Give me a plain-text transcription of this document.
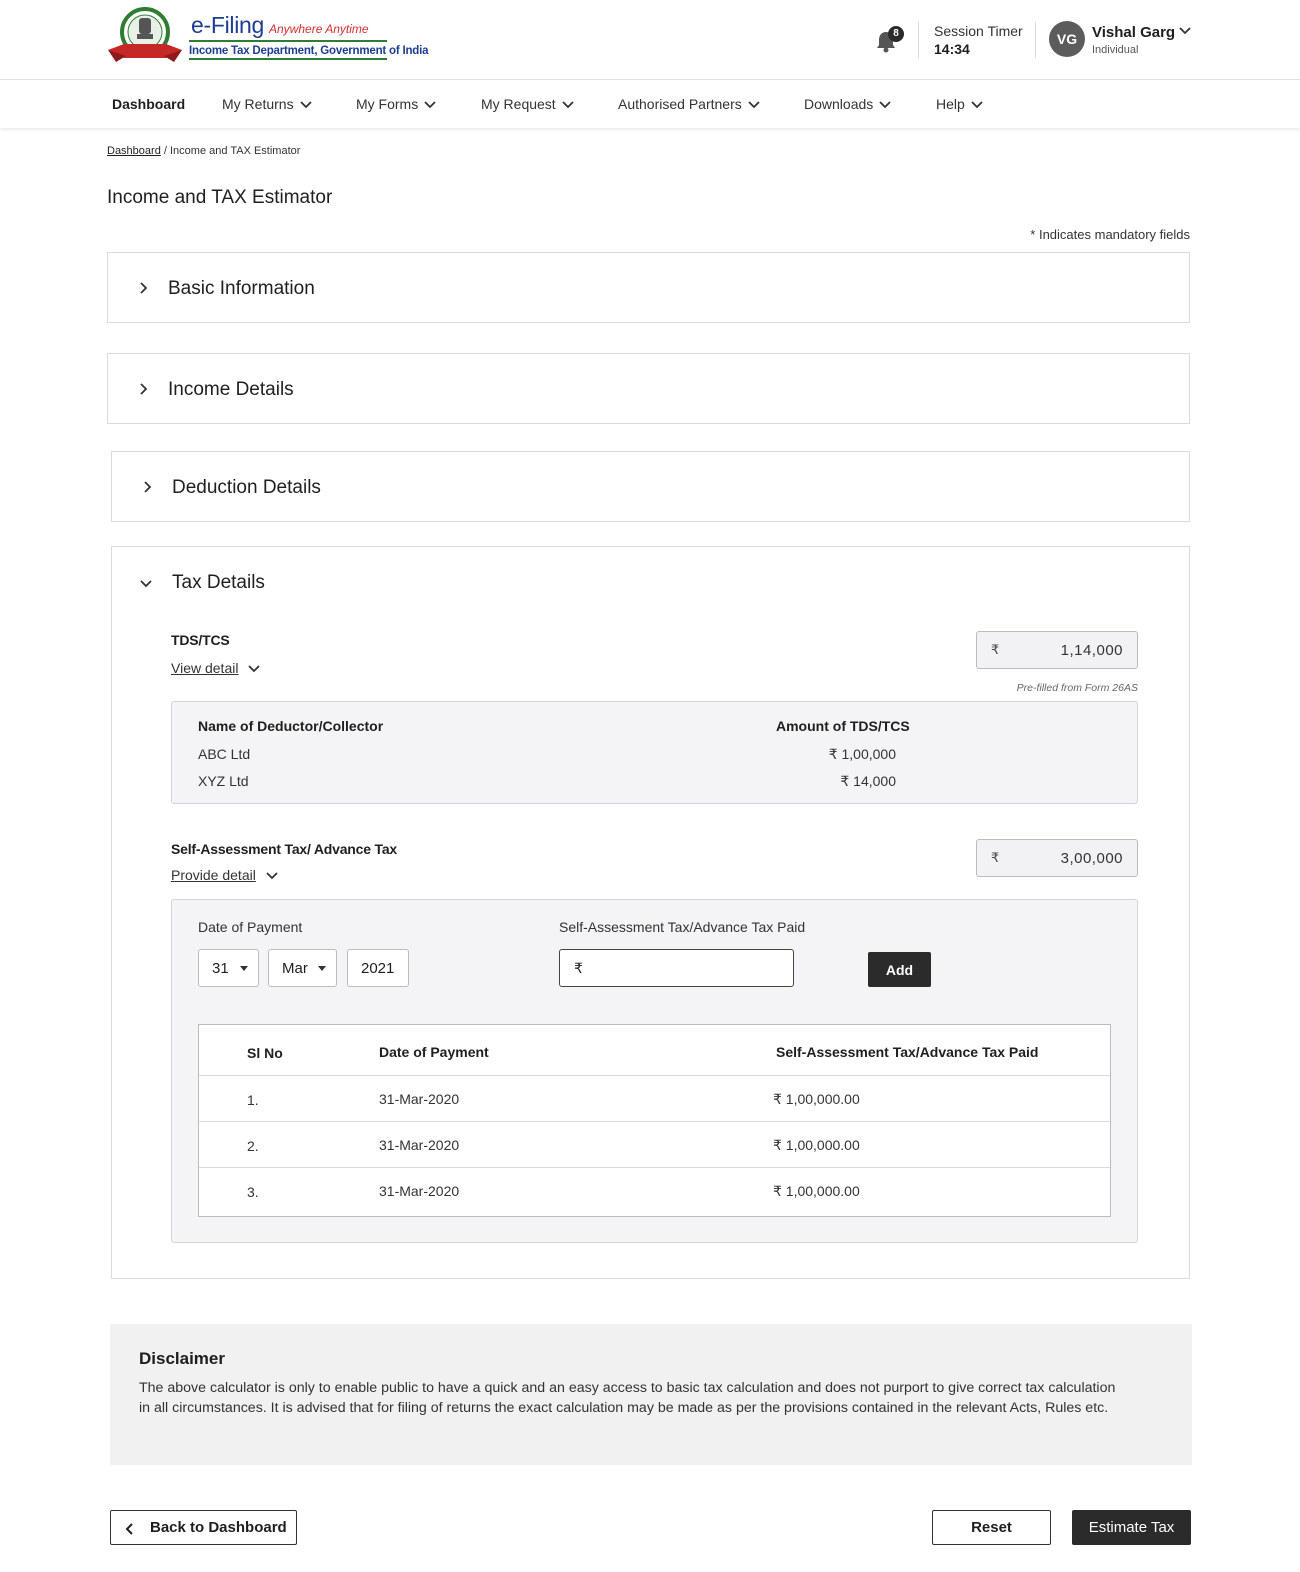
e-Filing Anywhere Anytime
Income Tax Department, Government of India
8	Session Timer
14:34
VG Vishal Garg
Individual
Dashboard	My Returns	My Forms	My Request	Authorised Partners	Downloads	Help
Dashboard / Income and TAX Estimator
Income and TAX Estimator
* Indicates mandatory fields
Basic Information
Income Details
Deduction Details
Tax Details
TDS/TCS
View detail
₹	1,14,000
Pre-filled from Form 26AS
Name of Deductor/Collector	Amount of TDS/TCS
ABC Ltd	₹ 1,00,000
XYZ Ltd	₹ 14,000
Self-Assessment Tax/ Advance Tax
Provide detail
₹	3,00,000
Date of Payment	Self-Assessment Tax/Advance Tax Paid
31	Mar	2021	₹	Add
Sl No	Date of Payment	Self-Assessment Tax/Advance Tax Paid
1.	31-Mar-2020	₹ 1,00,000.00
2.	31-Mar-2020	₹ 1,00,000.00
3.	31-Mar-2020	₹ 1,00,000.00
Disclaimer
The above calculator is only to enable public to have a quick and an easy access to basic tax calculation and does not purport to give correct tax calculation in all circumstances. It is advised that for filing of returns the exact calculation may be made as per the provisions contained in the relevant Acts, Rules etc.
Back to Dashboard	Reset	Estimate Tax
